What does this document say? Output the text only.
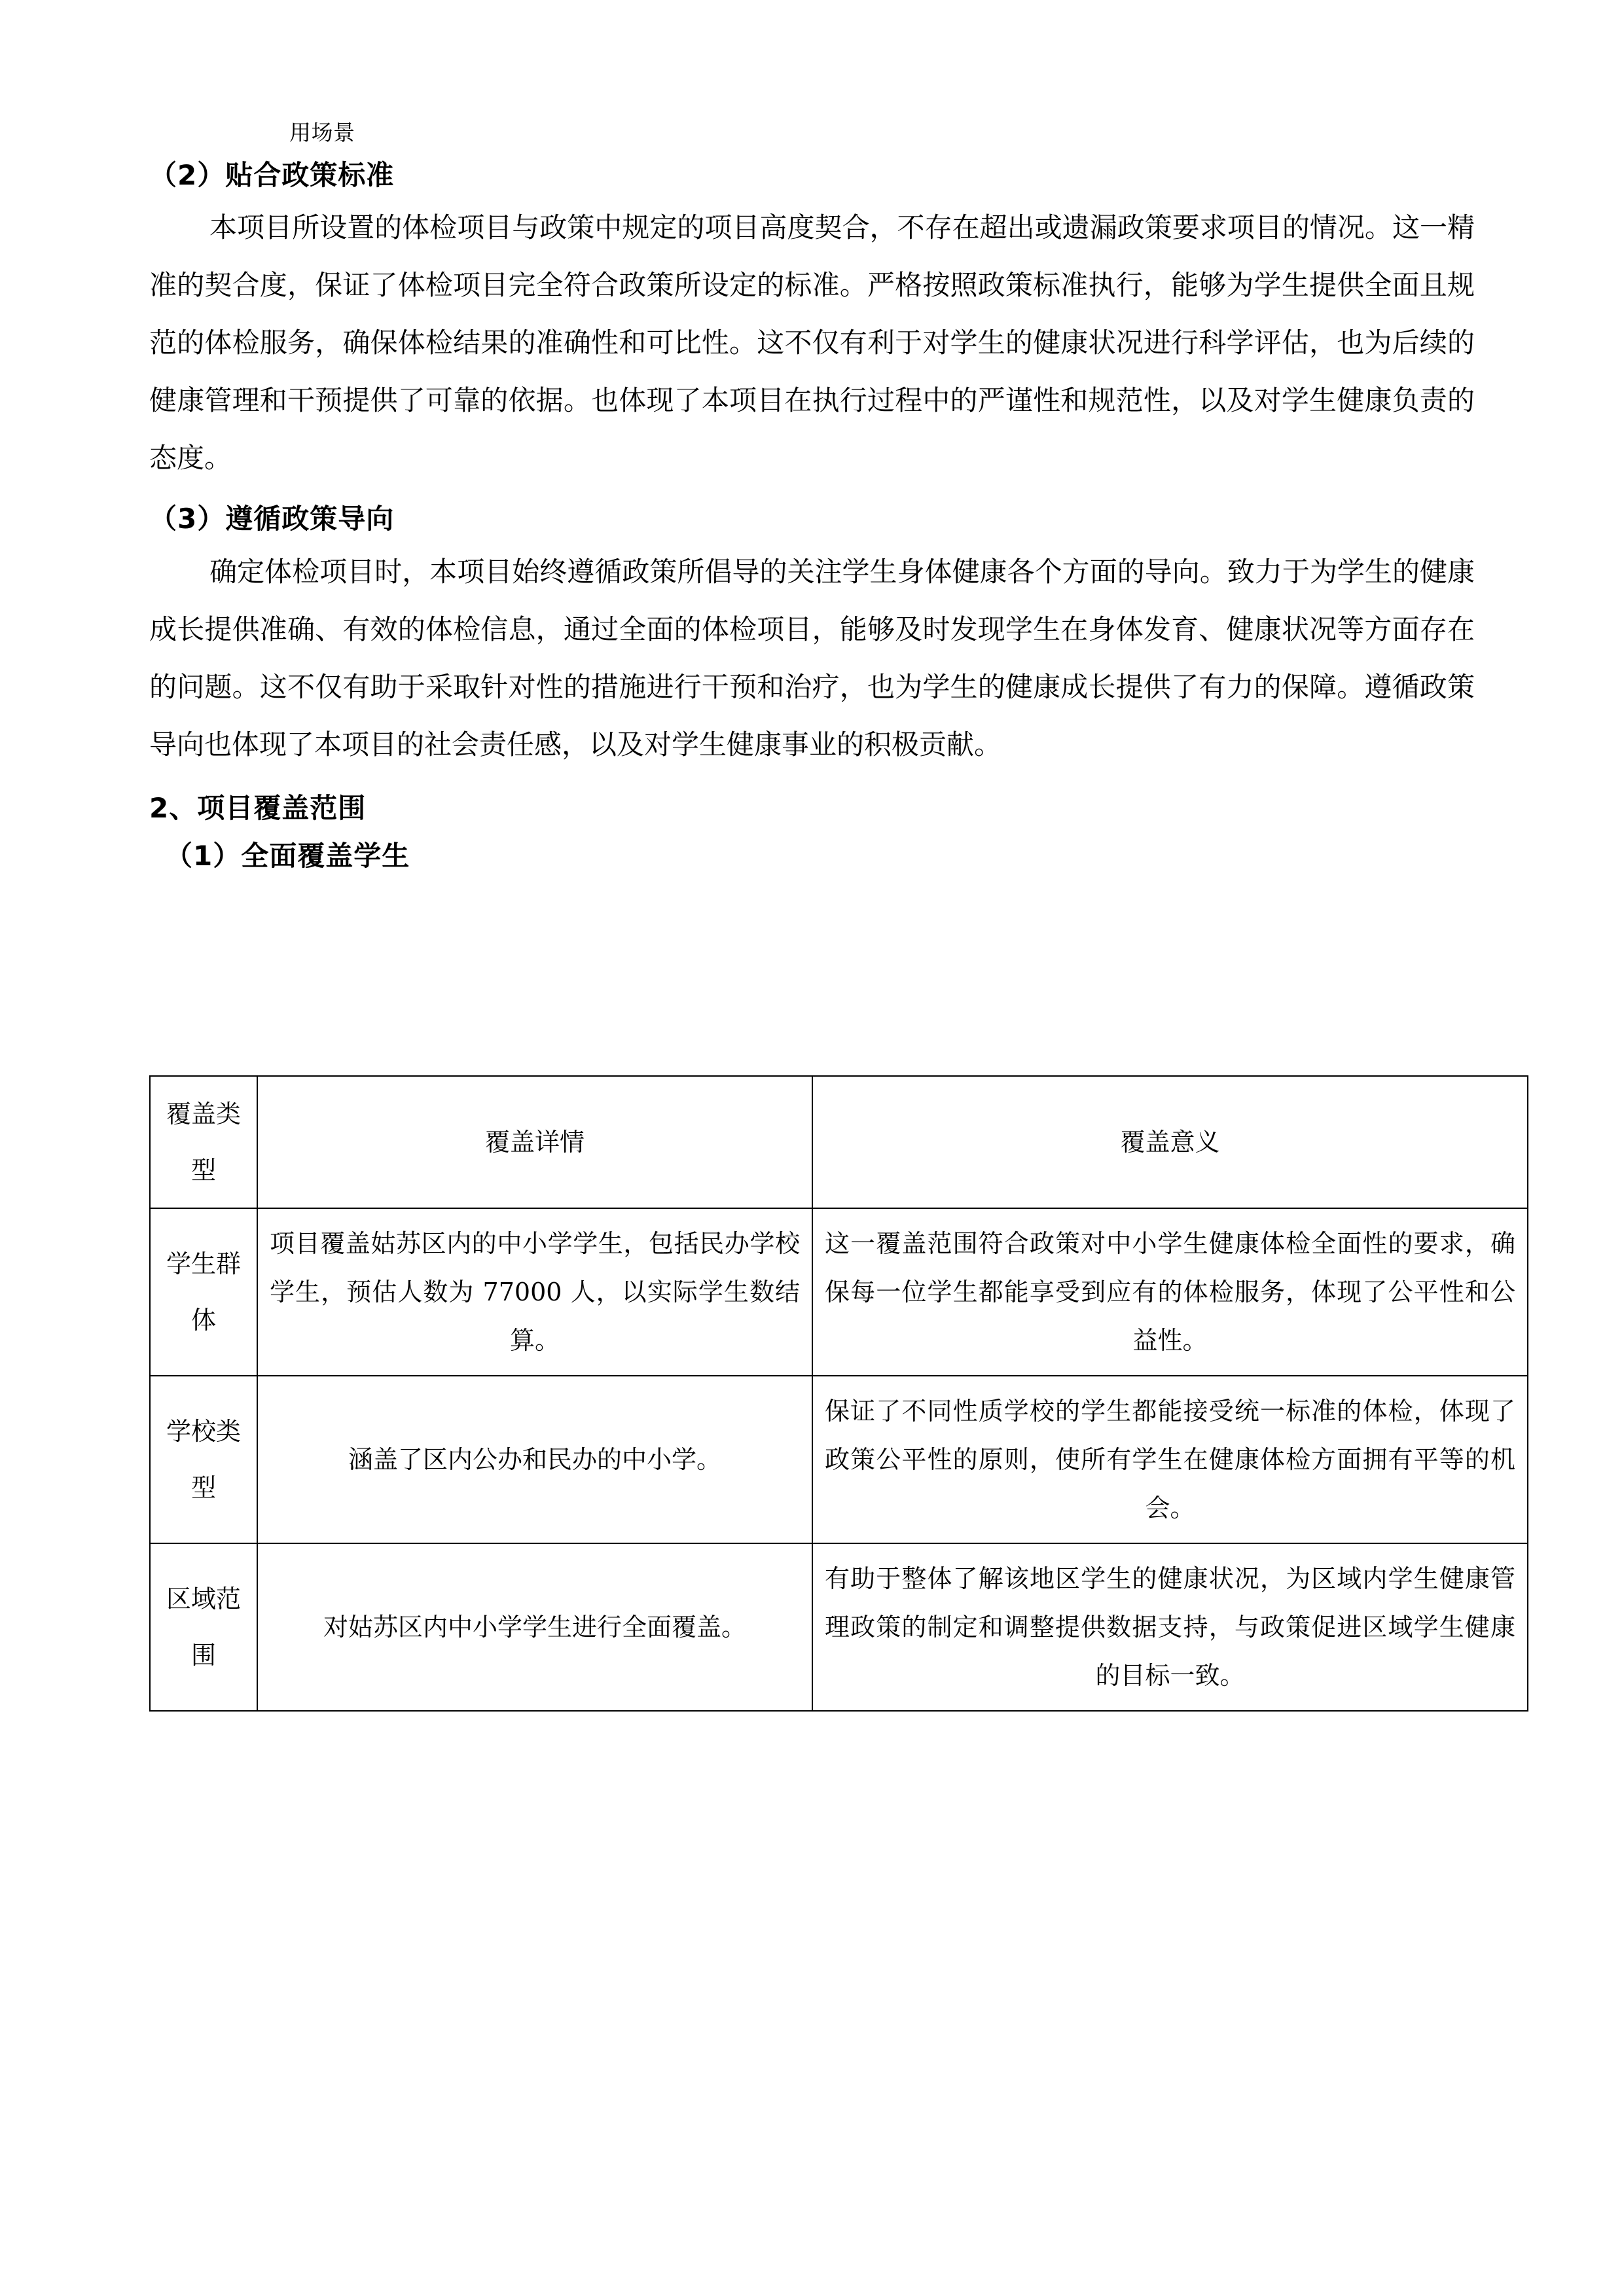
用场景
（2）贴合政策标准

本项目所设置的体检项目与政策中规定的项目高度契合，不存在超出或遗漏政策要求项目的情况。这一精准的契合度，保证了体检项目完全符合政策所设定的标准。严格按照政策标准执行，能够为学生提供全面且规范的体检服务，确保体检结果的准确性和可比性。这不仅有利于对学生的健康状况进行科学评估，也为后续的健康管理和干预提供了可靠的依据。也体现了本项目在执行过程中的严谨性和规范性，以及对学生健康负责的态度。

（3）遵循政策导向

确定体检项目时，本项目始终遵循政策所倡导的关注学生身体健康各个方面的导向。致力于为学生的健康成长提供准确、有效的体检信息，通过全面的体检项目，能够及时发现学生在身体发育、健康状况等方面存在的问题。这不仅有助于采取针对性的措施进行干预和治疗，也为学生的健康成长提供了有力的保障。遵循政策导向也体现了本项目的社会责任感，以及对学生健康事业的积极贡献。

2、项目覆盖范围
（1）全面覆盖学生
覆盖类型	覆盖详情	覆盖意义

学生群体	项目覆盖姑苏区内的中小学学生，包括民办学校学生，预估人数为 77000 人，以实际学生数结算。	这一覆盖范围符合政策对中小学生健康体检全面性的要求，确保每一位学生都能享受到应有的体检服务，体现了公平性和公益性。

学校类型	涵盖了区内公办和民办的中小学。	保证了不同性质学校的学生都能接受统一标准的体检，体现了政策公平性的原则，使所有学生在健康体检方面拥有平等的机会。

区域范围	对姑苏区内中小学学生进行全面覆盖。	有助于整体了解该地区学生的健康状况，为区域内学生健康管理政策的制定和调整提供数据支持，与政策促进区域学生健康的目标一致。
